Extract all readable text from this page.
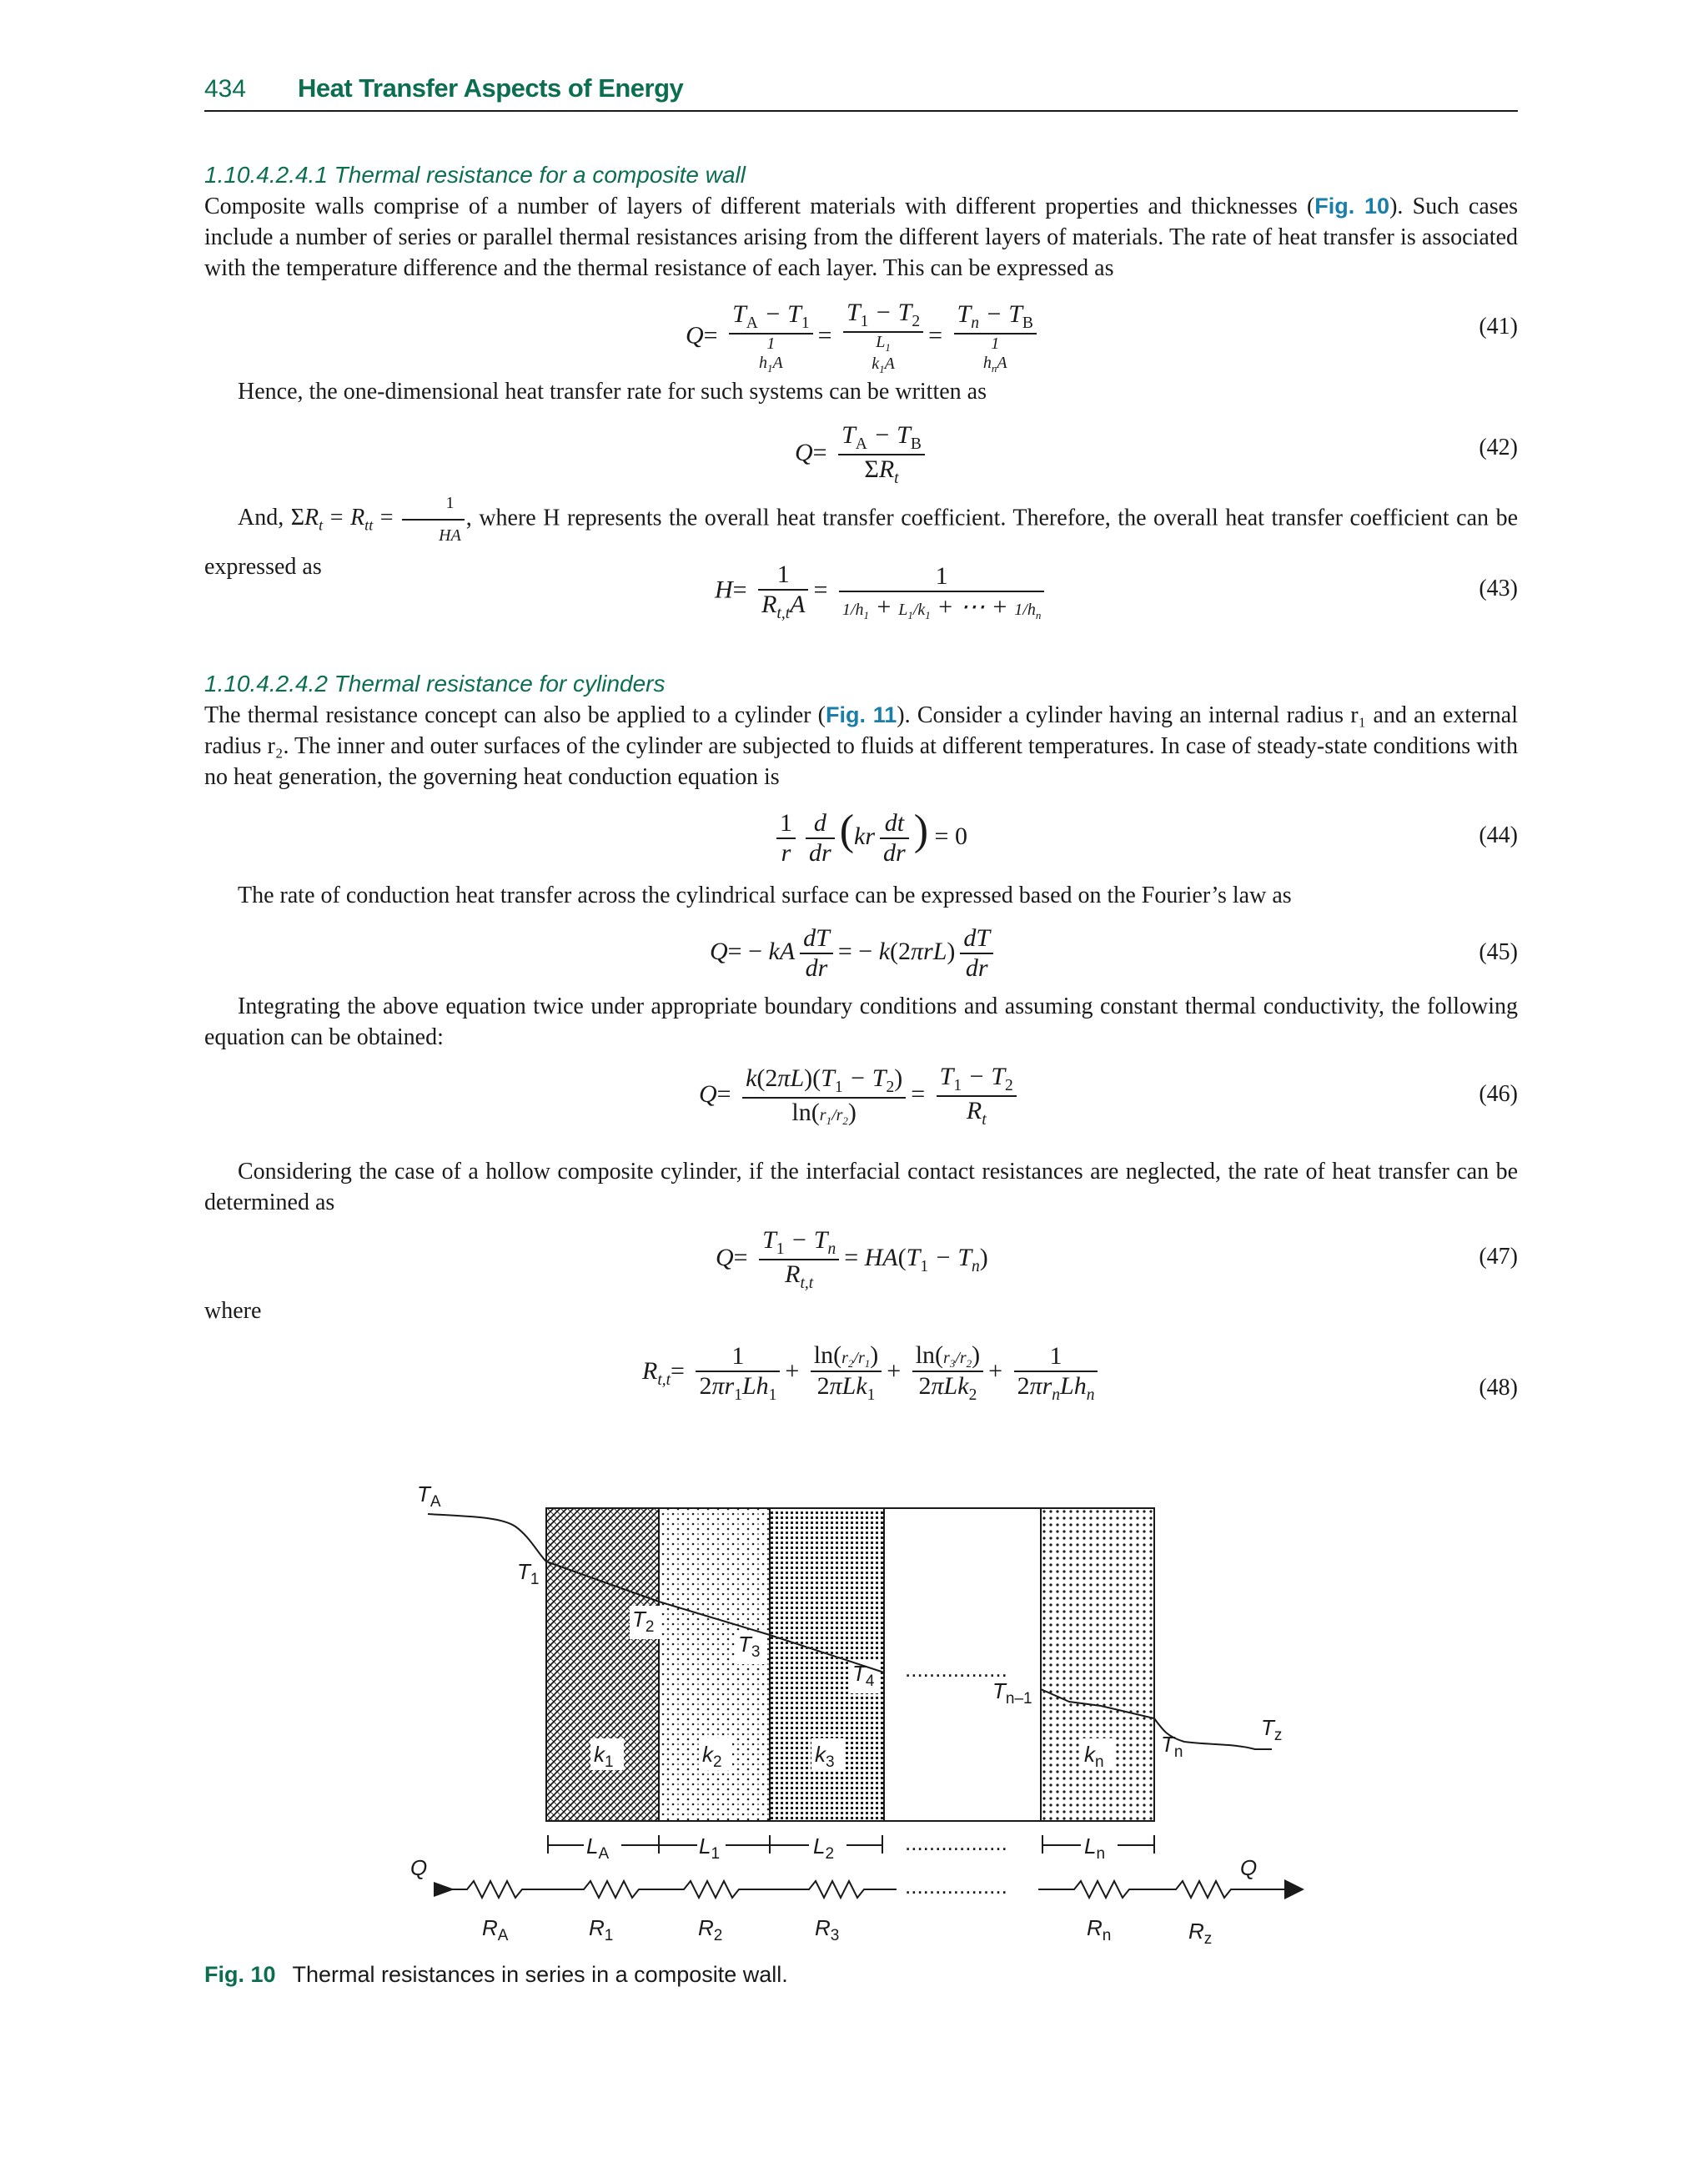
434 Heat Transfer Aspects of Energy
1.10.4.2.4.1 Thermal resistance for a composite wall
Composite walls comprise of a number of layers of different materials with different properties and thicknesses (Fig. 10). Such cases include a number of series or parallel thermal resistances arising from the different layers of materials. The rate of heat transfer is associated with the temperature difference and the thermal resistance of each layer. This can be expressed as
Q=
$T_A - T_1$
1
$h_1A$
=
$T_1 - T_2$
$L_1$
$k_1A$
=
$T_n - T_B$
1
$h_nA$
(41)
Hence, the one-dimensional heat transfer rate for such systems can be written as
Q=
$T_A - T_B$
$\Sigma R_t$
(42)
And, $\Sigma R_t = R_{tt} = \frac{1}{HA}$ , where H represents the overall heat transfer coefficient. Therefore, the overall heat transfer coefficient can be expressed as
$H= \frac{1}{R_{t,t}A} = \frac{1}{1/h_1 + L_1/k_1 + \cdots + 1/h_n}$	(43)
1.10.4.2.4.2 Thermal resistance for cylinders
The thermal resistance concept can also be applied to a cylinder (Fig. 11). Consider a cylinder having an internal radius r₁ and an external radius r₂. The inner and outer surfaces of the cylinder are subjected to fluids at different temperatures. In case of steady-state conditions with no heat generation, the governing heat conduction equation is
$\frac{1}{r} \frac{d}{dr} (kr \frac{dt}{dr}$ ) = 0	(44)
The rate of conduction heat transfer across the cylindrical surface can be expressed based on the Fourier’s law as
Q= − kA $\frac{dT}{dr}$ = − $k(2\pi rL) \frac{dT}{dr}$	(45)
Integrating the above equation twice under appropriate boundary conditions and assuming constant thermal conductivity, the following equation can be obtained:
$Q= \frac{k(2\pi L)(T_1 - T_2)}{\ln(r_1/r_2)} = \frac{T_1 - T_2}{R_t}$	(46)
Considering the case of a hollow composite cylinder, if the interfacial contact resistances are neglected, the rate of heat transfer can be determined as
$Q= \frac{T_1 - T_n}{R_{t,t}} = HA(T_1 - T_n)$	(47)
where
$R_{t,t}= \frac{1}{2\pi r_1Lh_1}$ +
$\ln(r_2/r_1)$
2πLk$_1$
+
$\ln(r_3/r_2)$
2πLk$_2$
+
1
$2\pi r_nLh_n$	(48)
$T_A$
$T_1$
$T_2$
$T_3$
$T_4$	$T_{n-1}$
$T_n$
$T_z$
.................
$k_1$	$k_2$	$k_3$	$k_n$
$L_A$	$L_1$	$L_2$	$L_n$
.................
.................
Q	Q
$R_A$	$R_1$	$R_2$	$R_3$	$R_n$	$R_z$
Fig. 10 Thermal resistances in series in a composite wall.
